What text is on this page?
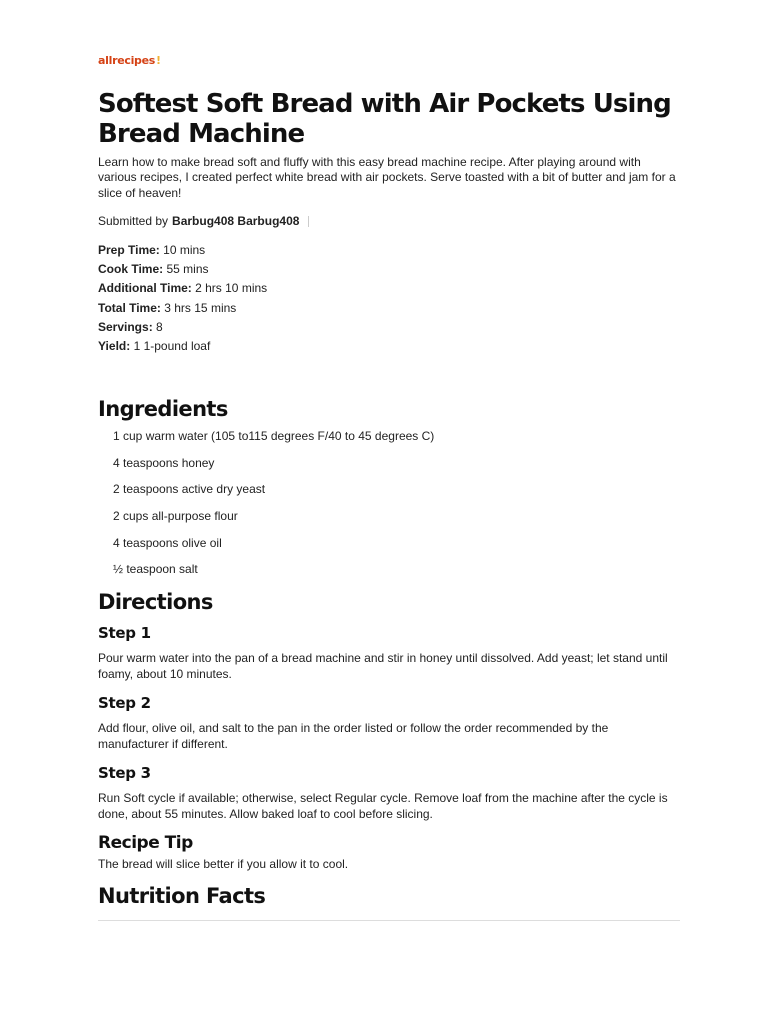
allrecipes !
Softest Soft Bread with Air Pockets Using Bread Machine

Learn how to make bread soft and fluffy with this easy bread machine recipe. After playing around with various recipes, I created perfect white bread with air pockets. Serve toasted with a bit of butter and jam for a slice of heaven!

Submitted by Barbug408 Barbug408
Prep Time: 10 mins
Cook Time: 55 mins
Additional Time: 2 hrs 10 mins
Total Time: 3 hrs 15 mins
Servings: 8
Yield: 1 1-pound loaf
Ingredients
1 cup warm water (105 to115 degrees F/40 to 45 degrees C)
4 teaspoons honey
2 teaspoons active dry yeast
2 cups all-purpose flour
4 teaspoons olive oil
½ teaspoon salt
Directions
Step 1

Pour warm water into the pan of a bread machine and stir in honey until dissolved. Add yeast; let stand until foamy, about 10 minutes.

Step 2

Add flour, olive oil, and salt to the pan in the order listed or follow the order recommended by the manufacturer if different.

Step 3

Run Soft cycle if available; otherwise, select Regular cycle. Remove loaf from the machine after the cycle is done, about 55 minutes. Allow baked loaf to cool before slicing.

Recipe Tip

The bread will slice better if you allow it to cool.

Nutrition Facts
